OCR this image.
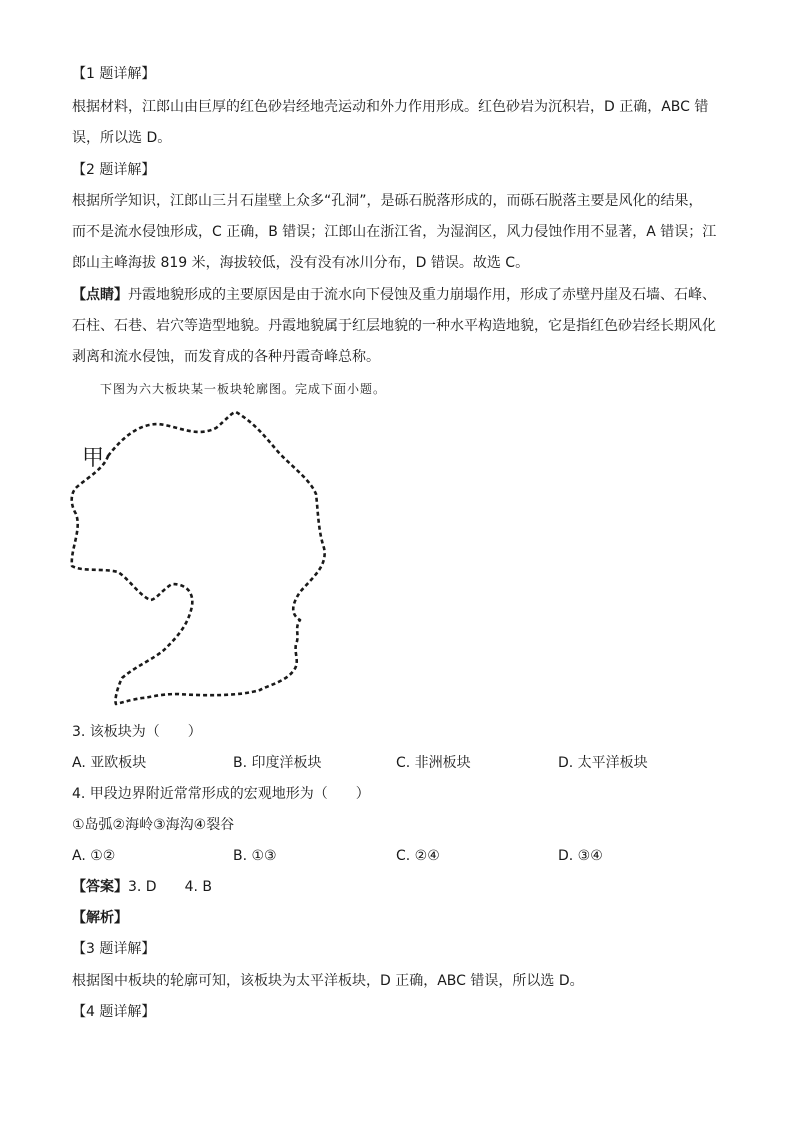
【1 题详解】
根据材料，江郎山由巨厚的红色砂岩经地壳运动和外力作用形成。红色砂岩为沉积岩，D 正确，ABC 错
误，所以选 D。
【2 题详解】
根据所学知识，江郎山三爿石崖壁上众多“孔洞”，是砾石脱落形成的，而砾石脱落主要是风化的结果，
而不是流水侵蚀形成，C 正确，B 错误；江郎山在浙江省，为湿润区，风力侵蚀作用不显著，A 错误；江
郎山主峰海拔 819 米，海拔较低，没有没有冰川分布，D 错误。故选 C。
【点睛】丹霞地貌形成的主要原因是由于流水向下侵蚀及重力崩塌作用，形成了赤壁丹崖及石墙、石峰、
石柱、石巷、岩穴等造型地貌。丹霞地貌属于红层地貌的一种水平构造地貌，它是指红色砂岩经长期风化
剥离和流水侵蚀，而发育成的各种丹霞奇峰总称。
下图为六大板块某一板块轮廓图。完成下面小题。
甲
3. 该板块为（　　）
A. 亚欧板块	B. 印度洋板块	C. 非洲板块	D. 太平洋板块
4. 甲段边界附近常常形成的宏观地形为（　　）
①岛弧②海岭③海沟④裂谷
A. ①②	B. ①③	C. ②④	D. ③④
【答案】3. D 4. B
【解析】
【3 题详解】
根据图中板块的轮廓可知，该板块为太平洋板块，D 正确，ABC 错误，所以选 D。
【4 题详解】
